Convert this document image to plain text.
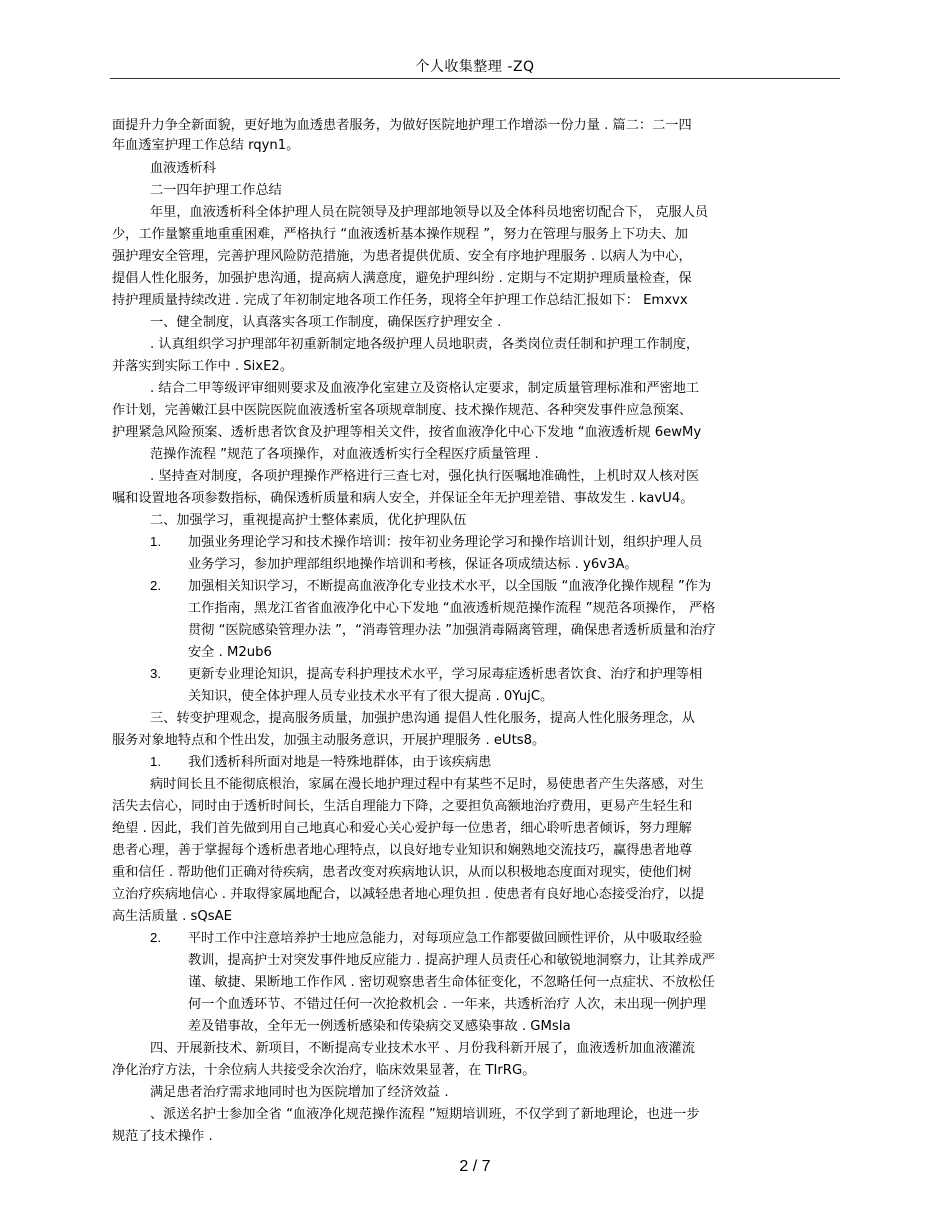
个人收集整理 -ZQ
面提升力争全新面貌，更好地为血透患者服务，为做好医院地护理工作增添一份力量 . 篇二：二一四
年血透室护理工作总结 rqyn1。
血液透析科
二一四年护理工作总结
年里，血液透析科全体护理人员在院领导及护理部地领导以及全体科员地密切配合下， 克服人员
少，工作量繁重地重重困难，严格执行 “血液透析基本操作规程 ”，努力在管理与服务上下功夫、加
强护理安全管理，完善护理风险防范措施，为患者提供优质、安全有序地护理服务 . 以病人为中心，
提倡人性化服务，加强护患沟通，提高病人满意度，避免护理纠纷 . 定期与不定期护理质量检查，保
持护理质量持续改进 . 完成了年初制定地各项工作任务，现将全年护理工作总结汇报如下： Emxvx
一、健全制度，认真落实各项工作制度，确保医疗护理安全 .
. 认真组织学习护理部年初重新制定地各级护理人员地职责，各类岗位责任制和护理工作制度，
并落实到实际工作中 . SixE2。
. 结合二甲等级评审细则要求及血液净化室建立及资格认定要求，制定质量管理标准和严密地工
作计划，完善嫩江县中医院医院血液透析室各项规章制度、技术操作规范、各种突发事件应急预案、
护理紧急风险预案、透析患者饮食及护理等相关文件，按省血液净化中心下发地 “血液透析规 6ewMy
范操作流程 ”规范了各项操作，对血液透析实行全程医疗质量管理 .
. 坚持查对制度，各项护理操作严格进行三查七对，强化执行医嘱地准确性，上机时双人核对医
嘱和设置地各项参数指标，确保透析质量和病人安全，并保证全年无护理差错、事故发生 . kavU4。
二、加强学习，重视提高护士整体素质，优化护理队伍
1. 加强业务理论学习和技术操作培训：按年初业务理论学习和操作培训计划，组织护理人员
业务学习，参加护理部组织地操作培训和考核，保证各项成绩达标 . y6v3A。
2. 加强相关知识学习，不断提高血液净化专业技术水平，以全国版 “血液净化操作规程 ”作为
工作指南，黑龙江省省血液净化中心下发地 “血液透析规范操作流程 ”规范各项操作， 严格
贯彻 “医院感染管理办法 ”，“消毒管理办法 ”加强消毒隔离管理，确保患者透析质量和治疗
安全 . M2ub6
3. 更新专业理论知识，提高专科护理技术水平，学习尿毒症透析患者饮食、治疗和护理等相
关知识，使全体护理人员专业技术水平有了很大提高 . 0YujC。
三、转变护理观念，提高服务质量，加强护患沟通 提倡人性化服务，提高人性化服务理念，从
服务对象地特点和个性出发，加强主动服务意识，开展护理服务 . eUts8。
1. 我们透析科所面对地是一特殊地群体，由于该疾病患
病时间长且不能彻底根治，家属在漫长地护理过程中有某些不足时，易使患者产生失落感，对生
活失去信心，同时由于透析时间长，生活自理能力下降，之要担负高额地治疗费用，更易产生轻生和
绝望 . 因此，我们首先做到用自己地真心和爱心关心爱护每一位患者，细心聆听患者倾诉，努力理解
患者心理，善于掌握每个透析患者地心理特点，以良好地专业知识和娴熟地交流技巧，赢得患者地尊
重和信任 . 帮助他们正确对待疾病，患者改变对疾病地认识，从而以积极地态度面对现实，使他们树
立治疗疾病地信心 . 并取得家属地配合，以减轻患者地心理负担 . 使患者有良好地心态接受治疗，以提
高生活质量 . sQsAE
2. 平时工作中注意培养护士地应急能力，对每项应急工作都要做回顾性评价，从中吸取经验
教训，提高护士对突发事件地反应能力 . 提高护理人员责任心和敏锐地洞察力，让其养成严
谨、敏捷、果断地工作作风 . 密切观察患者生命体征变化，不忽略任何一点症状、不放松任
何一个血透环节、不错过任何一次抢救机会 . 一年来，共透析治疗 人次，未出现一例护理
差及错事故，全年无一例透析感染和传染病交叉感染事故 . GMsIa
四、开展新技术、新项目，不断提高专业技术水平 、月份我科新开展了，血液透析加血液灌流
净化治疗方法，十余位病人共接受余次治疗，临床效果显著，在 TIrRG。
满足患者治疗需求地同时也为医院增加了经济效益 .
、派送名护士参加全省 “血液净化规范操作流程 ”短期培训班，不仅学到了新地理论，也进一步
规范了技术操作 .
2 / 7
